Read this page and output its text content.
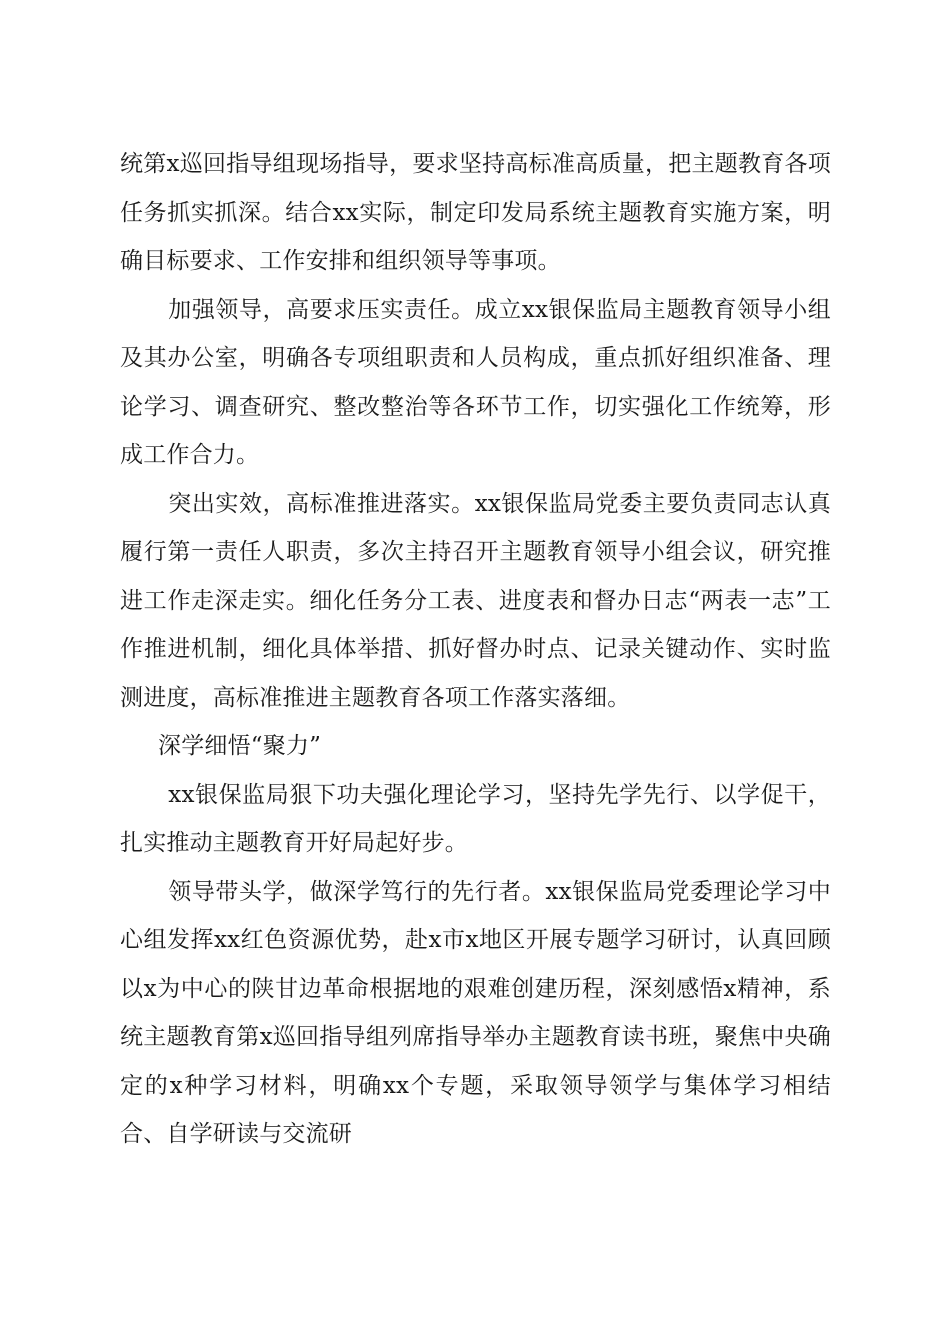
统第x巡回指导组现场指导，要求坚持高标准高质量，把主题教育各项任务抓实抓深。结合xx实际，制定印发局系统主题教育实施方案，明确目标要求、工作安排和组织领导等事项。

加强领导，高要求压实责任。成立xx银保监局主题教育领导小组及其办公室，明确各专项组职责和人员构成，重点抓好组织准备、理论学习、调查研究、整改整治等各环节工作，切实强化工作统筹，形成工作合力。

突出实效，高标准推进落实。xx银保监局党委主要负责同志认真履行第一责任人职责，多次主持召开主题教育领导小组会议，研究推进工作走深走实。细化任务分工表、进度表和督办日志“两表一志”工作推进机制，细化具体举措、抓好督办时点、记录关键动作、实时监测进度，高标准推进主题教育各项工作落实落细。

深学细悟“聚力”

xx银保监局狠下功夫强化理论学习，坚持先学先行、以学促干，扎实推动主题教育开好局起好步。

领导带头学，做深学笃行的先行者。xx银保监局党委理论学习中心组发挥xx红色资源优势，赴x市x地区开展专题学习研讨，认真回顾以x为中心的陕甘边革命根据地的艰难创建历程，深刻感悟x精神，系统主题教育第x巡回指导组列席指导举办主题教育读书班，聚焦中央确定的x种学习材料，明确xx个专题，采取领导领学与集体学习相结合、自学研读与交流研
